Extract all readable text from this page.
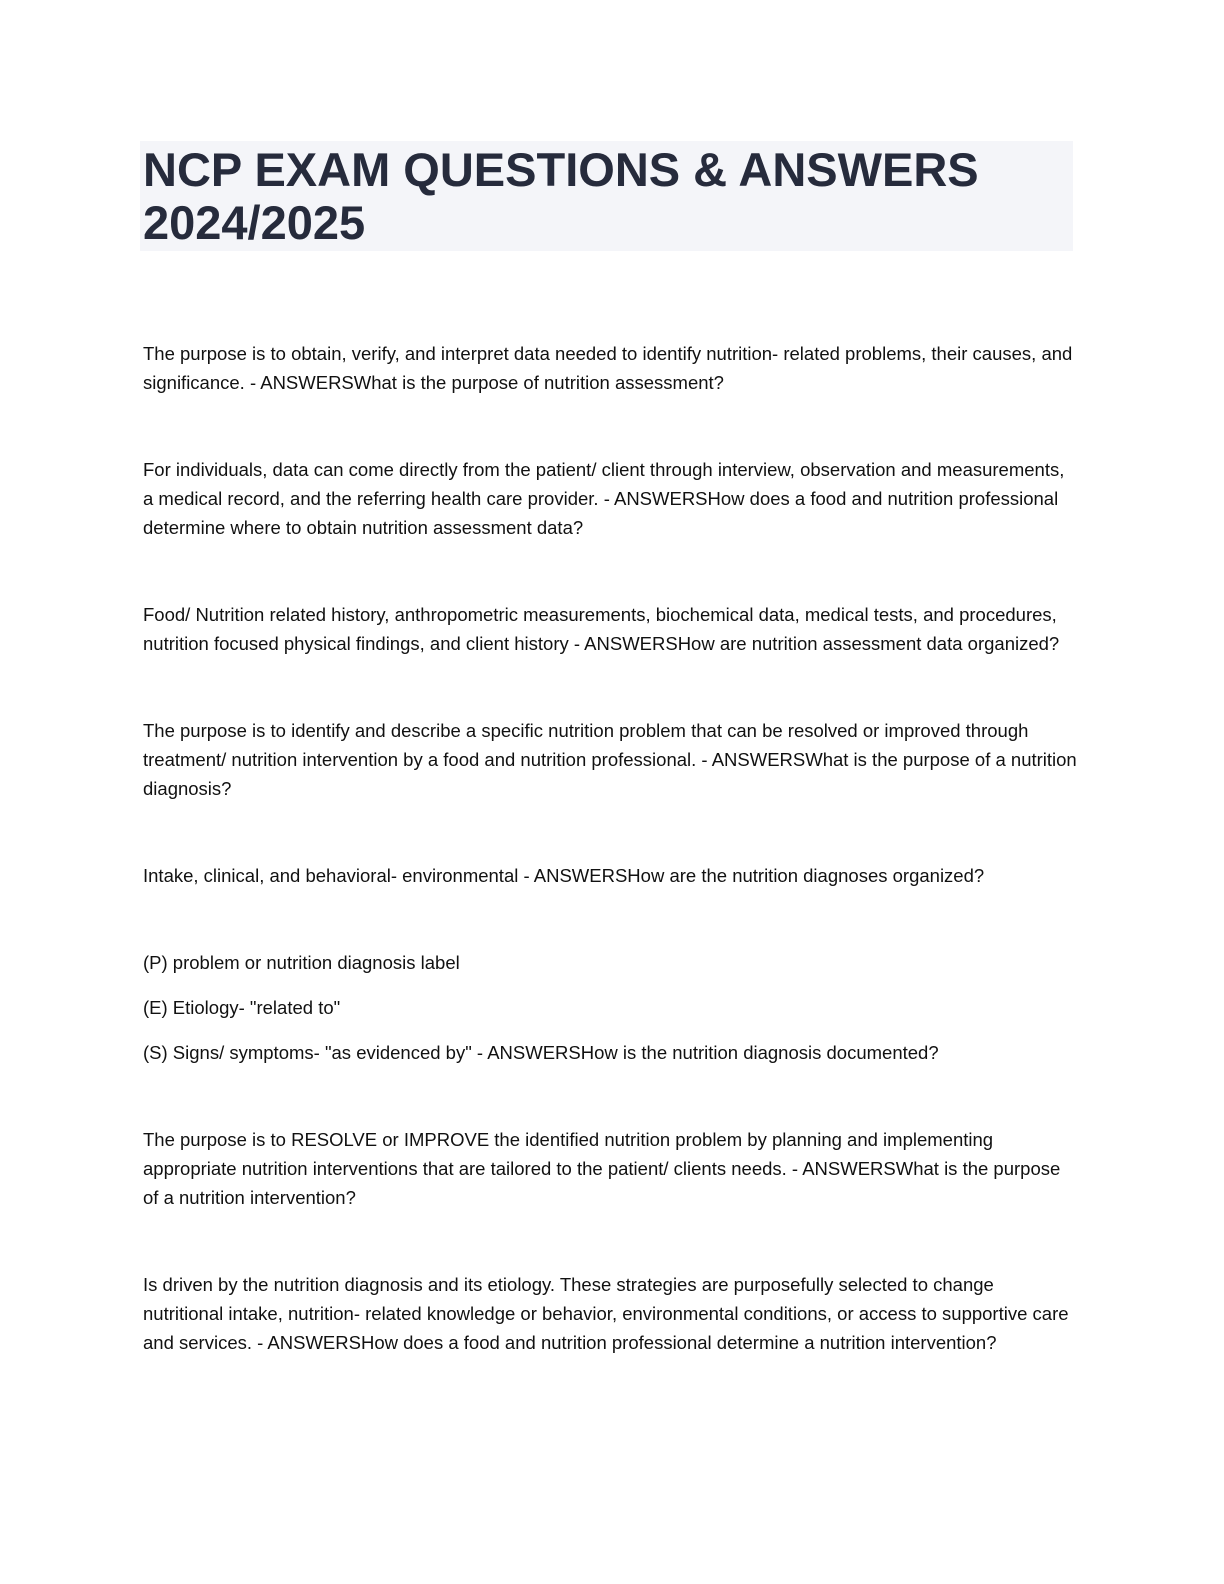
NCP EXAM QUESTIONS & ANSWERS
2024/2025

The purpose is to obtain, verify, and interpret data needed to identify nutrition- related problems, their causes, and significance. - ANSWERSWhat is the purpose of nutrition assessment?

For individuals, data can come directly from the patient/ client through interview, observation and measurements, a medical record, and the referring health care provider. - ANSWERSHow does a food and nutrition professional determine where to obtain nutrition assessment data?

Food/ Nutrition related history, anthropometric measurements, biochemical data, medical tests, and procedures, nutrition focused physical findings, and client history - ANSWERSHow are nutrition assessment data organized?

The purpose is to identify and describe a specific nutrition problem that can be resolved or improved through treatment/ nutrition intervention by a food and nutrition professional. - ANSWERSWhat is the purpose of a nutrition diagnosis?

Intake, clinical, and behavioral- environmental - ANSWERSHow are the nutrition diagnoses organized?

(P) problem or nutrition diagnosis label

(E) Etiology- "related to"

(S) Signs/ symptoms- "as evidenced by" - ANSWERSHow is the nutrition diagnosis documented?

The purpose is to RESOLVE or IMPROVE the identified nutrition problem by planning and implementing appropriate nutrition interventions that are tailored to the patient/ clients needs. - ANSWERSWhat is the purpose of a nutrition intervention?

Is driven by the nutrition diagnosis and its etiology. These strategies are purposefully selected to change nutritional intake, nutrition- related knowledge or behavior, environmental conditions, or access to supportive care and services. - ANSWERSHow does a food and nutrition professional determine a nutrition intervention?
